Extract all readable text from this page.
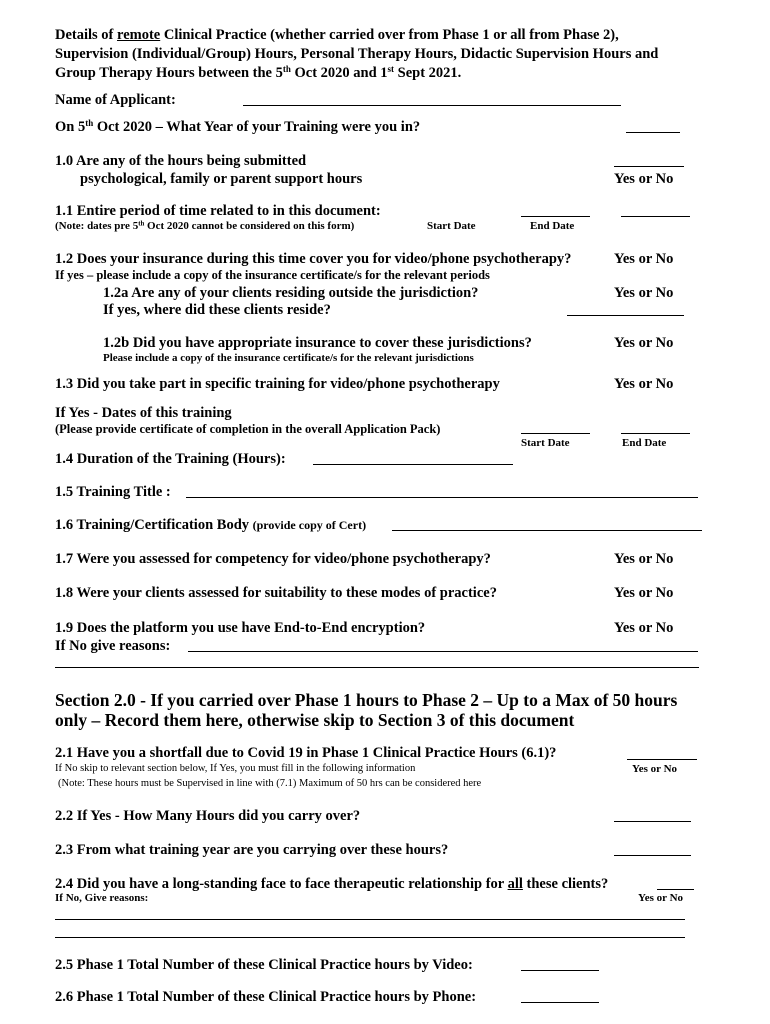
Details of remote Clinical Practice (whether carried over from Phase 1 or all from Phase 2),
Supervision (Individual/Group) Hours, Personal Therapy Hours, Didactic Supervision Hours and
Group Therapy Hours between the 5th Oct 2020 and 1st Sept 2021.
Name of Applicant:
On 5th Oct 2020 – What Year of your Training were you in?
1.0 Are any of the hours being submitted
psychological, family or parent support hours	Yes or No
1.1 Entire period of time related to in this document:
(Note: dates pre 5th Oct 2020 cannot be considered on this form)	Start Date	End Date
1.2 Does your insurance during this time cover you for video/phone psychotherapy?	Yes or No
If yes – please include a copy of the insurance certificate/s for the relevant periods
1.2a Are any of your clients residing outside the jurisdiction?	Yes or No
If yes, where did these clients reside?
1.2b Did you have appropriate insurance to cover these jurisdictions?	Yes or No
Please include a copy of the insurance certificate/s for the relevant jurisdictions
1.3 Did you take part in specific training for video/phone psychotherapy	Yes or No
If Yes - Dates of this training
(Please provide certificate of completion in the overall Application Pack)
Start Date	End Date
1.4 Duration of the Training (Hours):
1.5 Training Title :
1.6 Training/Certification Body (provide copy of Cert)
1.7 Were you assessed for competency for video/phone psychotherapy?	Yes or No
1.8 Were your clients assessed for suitability to these modes of practice?	Yes or No
1.9 Does the platform you use have End-to-End encryption?	Yes or No
If No give reasons:
Section 2.0 - If you carried over Phase 1 hours to Phase 2 – Up to a Max of 50 hours
only – Record them here, otherwise skip to Section 3 of this document
2.1 Have you a shortfall due to Covid 19 in Phase 1 Clinical Practice Hours (6.1)?
If No skip to relevant section below, If Yes, you must fill in the following information	Yes or No
(Note: These hours must be Supervised in line with (7.1) Maximum of 50 hrs can be considered here
2.2 If Yes - How Many Hours did you carry over?
2.3 From what training year are you carrying over these hours?
2.4 Did you have a long-standing face to face therapeutic relationship for all these clients?
If No, Give reasons:	Yes or No
2.5 Phase 1 Total Number of these Clinical Practice hours by Video:
2.6 Phase 1 Total Number of these Clinical Practice hours by Phone:
